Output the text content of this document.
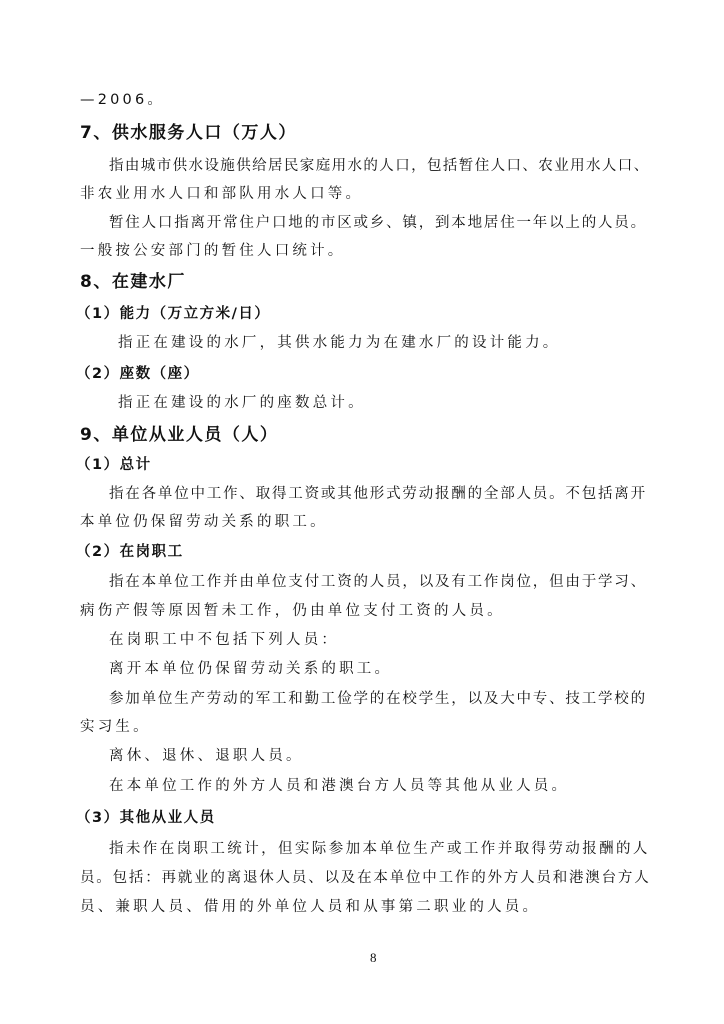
—2006。
7、供水服务人口（万人）
指由城市供水设施供给居民家庭用水的人口，包括暂住人口、农业用水人口、
非农业用水人口和部队用水人口等。
暂住人口指离开常住户口地的市区或乡、镇，到本地居住一年以上的人员。
一般按公安部门的暂住人口统计。
8、在建水厂
（1）能力（万立方米/日）
指正在建设的水厂，其供水能力为在建水厂的设计能力。
（2）座数（座）
指正在建设的水厂的座数总计。
9、单位从业人员（人）
（1）总计
指在各单位中工作、取得工资或其他形式劳动报酬的全部人员。不包括离开
本单位仍保留劳动关系的职工。
（2）在岗职工
指在本单位工作并由单位支付工资的人员，以及有工作岗位，但由于学习、
病伤产假等原因暂未工作，仍由单位支付工资的人员。
在岗职工中不包括下列人员：
离开本单位仍保留劳动关系的职工。
参加单位生产劳动的军工和勤工俭学的在校学生，以及大中专、技工学校的
实习生。
离休、退休、退职人员。
在本单位工作的外方人员和港澳台方人员等其他从业人员。
（3）其他从业人员
指未作在岗职工统计，但实际参加本单位生产或工作并取得劳动报酬的人
员。包括：再就业的离退休人员、以及在本单位中工作的外方人员和港澳台方人
员、兼职人员、借用的外单位人员和从事第二职业的人员。
8
